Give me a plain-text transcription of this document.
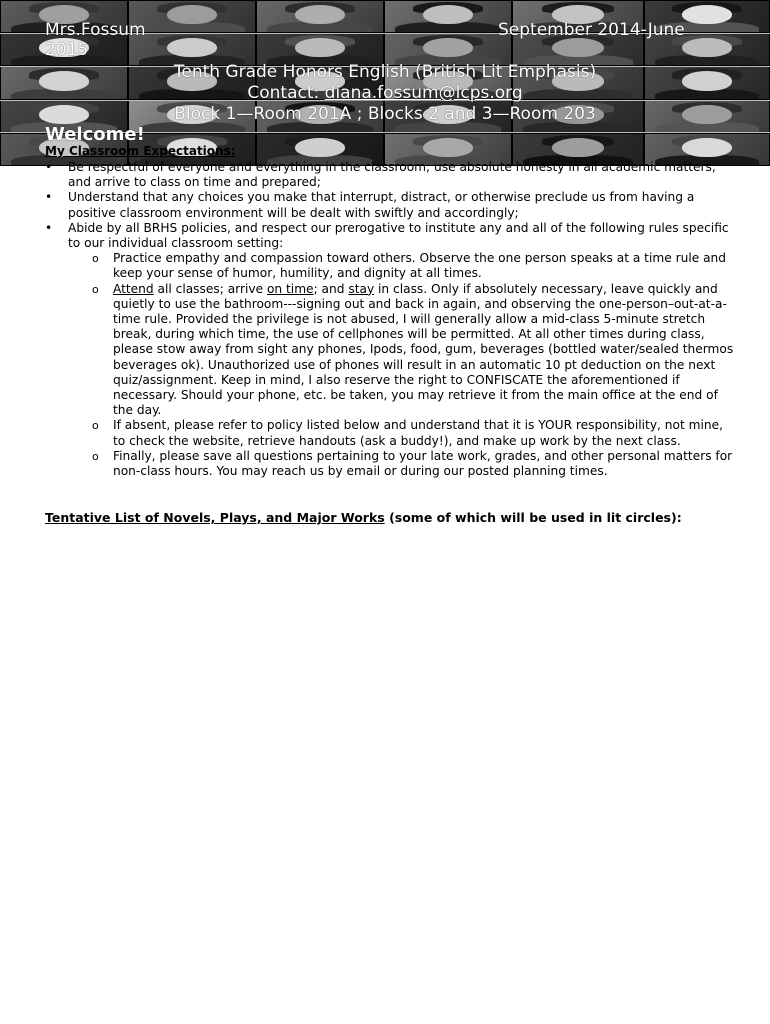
Mrs.Fossum	September 2014-June
2015
Tenth Grade Honors English (British Lit Emphasis)
Contact: diana.fossum@lcps.org
Block 1—Room 201A ; Blocks 2 and 3—Room 203
Welcome!
My Classroom Expectations:
• Be respectful of everyone and everything in the classroom; use absolute honesty in all academic matters; and arrive to class on time and prepared;
• Understand that any choices you make that interrupt, distract, or otherwise preclude us from having a positive classroom environment will be dealt with swiftly and accordingly;
• Abide by all BRHS policies, and respect our prerogative to institute any and all of the following rules specific to our individual classroom setting:
o Practice empathy and compassion toward others. Observe the one person speaks at a time rule and keep your sense of humor, humility, and dignity at all times.
o Attend all classes; arrive on time; and stay in class. Only if absolutely necessary, leave quickly and quietly to use the bathroom---signing out and back in again, and observing the one-person–out-at-a-time rule. Provided the privilege is not abused, I will generally allow a mid-class 5-minute stretch break, during which time, the use of cellphones will be permitted. At all other times during class, please stow away from sight any phones, Ipods, food, gum, beverages (bottled water/sealed thermos beverages ok). Unauthorized use of phones will result in an automatic 10 pt deduction on the next quiz/assignment. Keep in mind, I also reserve the right to CONFISCATE the aforementioned if necessary. Should your phone, etc. be taken, you may retrieve it from the main office at the end of the day.
o If absent, please refer to policy listed below and understand that it is YOUR responsibility, not mine, to check the website, retrieve handouts (ask a buddy!), and make up work by the next class.
o Finally, please save all questions pertaining to your late work, grades, and other personal matters for non-class hours. You may reach us by email or during our posted planning times.
Tentative List of Novels, Plays, and Major Works (some of which will be used in lit circles):
